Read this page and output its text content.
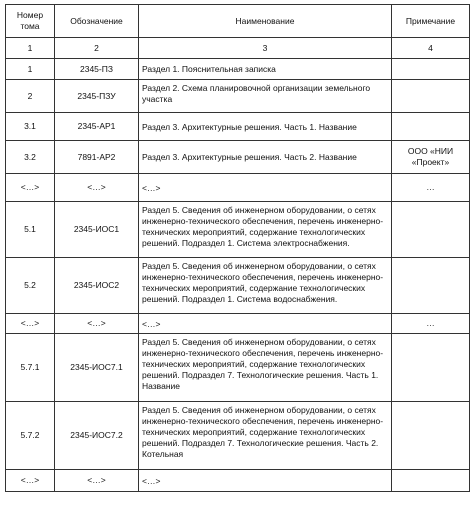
Номер тома	Обозначение	Наименование	Примечание
1	2	3	4
1	2345-ПЗ	Раздел 1. Пояснительная записка	
2	2345-ПЗУ	Раздел 2. Схема планировочной организации земельного участка	
3.1	2345-АР1	Раздел 3. Архитектурные решения. Часть 1. Название	
3.2	7891-АР2	Раздел 3. Архитектурные решения. Часть 2. Название	ООО «НИИ «Проект»
<…>	<…>	<…>	…
5.1	2345-ИОС1	Раздел 5. Сведения об инженерном оборудовании, о сетях инженерно-технического обеспечения, перечень инженерно-технических мероприятий, содержание технологических решений. Подраздел 1. Система электроснабжения.	
5.2	2345-ИОС2	Раздел 5. Сведения об инженерном оборудовании, о сетях инженерно-технического обеспечения, перечень инженерно-технических мероприятий, содержание технологических решений. Подраздел 1. Система водоснабжения.	
<…>	<…>	<…>	…
5.7.1	2345-ИОС7.1	Раздел 5. Сведения об инженерном оборудовании, о сетях инженерно-технического обеспечения, перечень инженерно-технических мероприятий, содержание технологических решений. Подраздел 7. Технологические решения. Часть 1. Название	
5.7.2	2345-ИОС7.2	Раздел 5. Сведения об инженерном оборудовании, о сетях инженерно-технического обеспечения, перечень инженерно-технических мероприятий, содержание технологических решений. Подраздел 7. Технологические решения. Часть 2. Котельная	
<…>	<…>	<…>	
